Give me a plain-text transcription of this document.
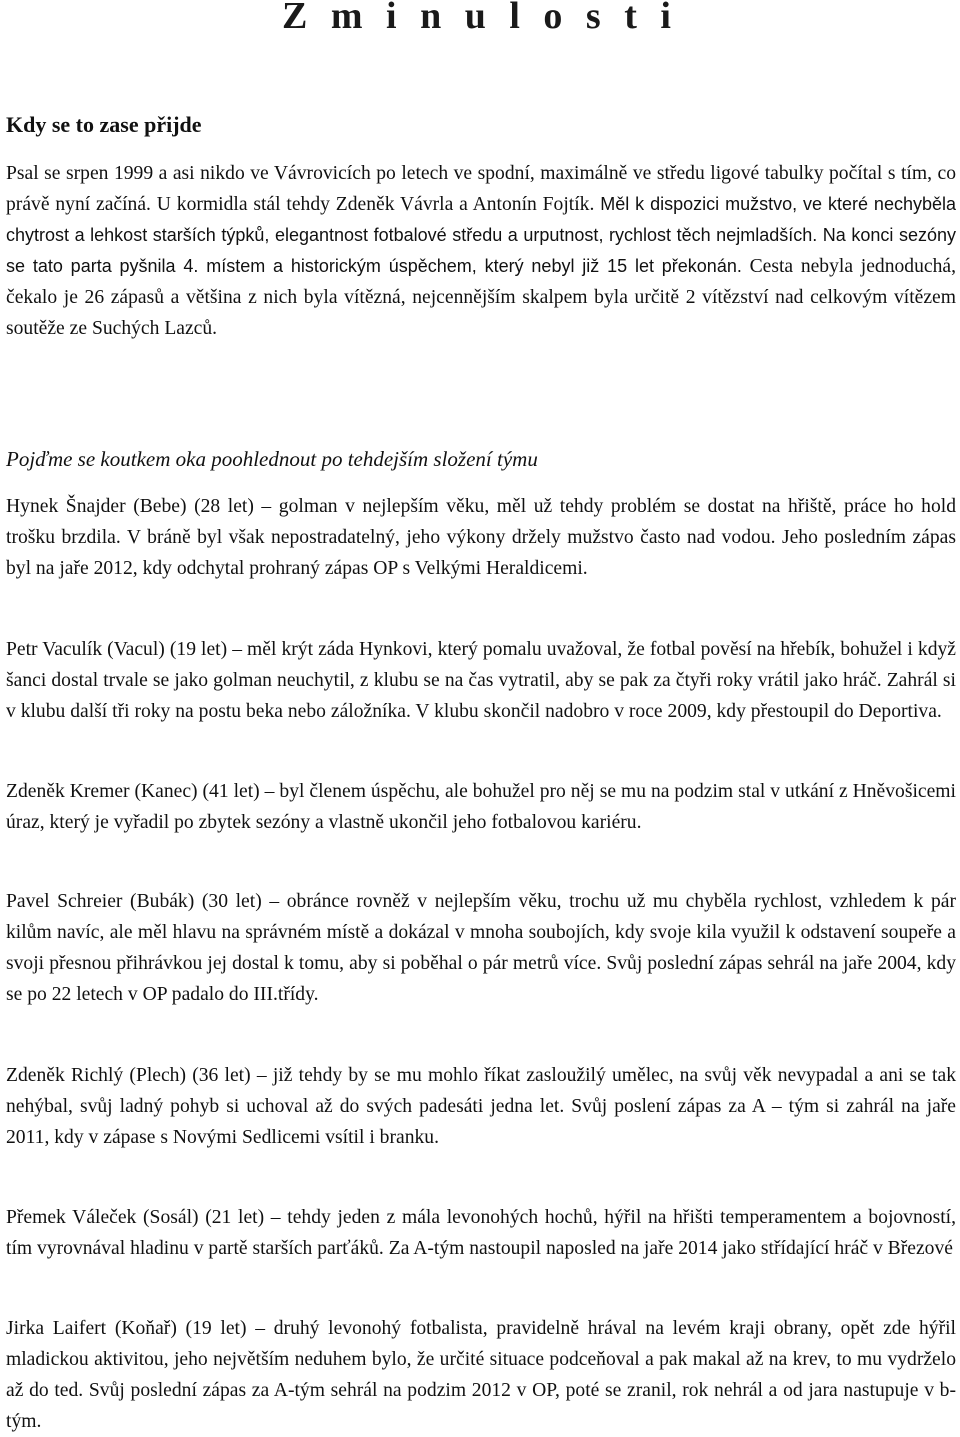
Z m i n u l o s t i
Kdy se to zase přijde

Psal se srpen 1999 a asi nikdo ve Vávrovicích po letech ve spodní, maximálně ve středu ligové tabulky počítal s tím, co právě nyní začíná. U kormidla stál tehdy Zdeněk Vávrla a Antonín Fojtík. Měl k dispozici mužstvo, ve které nechyběla chytrost a lehkost starších týpků, elegantnost fotbalové středu a urputnost, rychlost těch nejmladších. Na konci sezóny se tato parta pyšnila 4. místem a historickým úspěchem, který nebyl již 15 let překonán. Cesta nebyla jednoduchá, čekalo je 26 zápasů a většina z nich byla vítězná, nejcennějším skalpem byla určitě 2 vítězství nad celkovým vítězem soutěže ze Suchých Lazců.

Pojďme se koutkem oka poohlednout po tehdejším složení týmu

Hynek Šnajder (Bebe) (28 let) – golman v nejlepším věku, měl už tehdy problém se dostat na hřiště, práce ho hold trošku brzdila. V bráně byl však nepostradatelný, jeho výkony držely mužstvo často nad vodou. Jeho posledním zápas byl na jaře 2012, kdy odchytal prohraný zápas OP s Velkými Heraldicemi.

Petr Vaculík (Vacul) (19 let) – měl krýt záda Hynkovi, který pomalu uvažoval, že fotbal pověsí na hřebík, bohužel i když šanci dostal trvale se jako golman neuchytil, z klubu se na čas vytratil, aby se pak za čtyři roky vrátil jako hráč. Zahrál si v klubu další tři roky na postu beka nebo záložníka. V klubu skončil nadobro v roce 2009, kdy přestoupil do Deportiva.

Zdeněk Kremer (Kanec) (41 let) – byl členem úspěchu, ale bohužel pro něj se mu na podzim stal v utkání z Hněvošicemi úraz, který je vyřadil po zbytek sezóny a vlastně ukončil jeho fotbalovou kariéru.

Pavel Schreier (Bubák) (30 let) – obránce rovněž v nejlepším věku, trochu už mu chyběla rychlost, vzhledem k pár kilům navíc, ale měl hlavu na správném místě a dokázal v mnoha soubojích, kdy svoje kila využil k odstavení soupeře a svoji přesnou přihrávkou jej dostal k tomu, aby si poběhal o pár metrů více. Svůj poslední zápas sehrál na jaře 2004, kdy se po 22 letech v OP padalo do III.třídy.

Zdeněk Richlý (Plech) (36 let) – již tehdy by se mu mohlo říkat zasloužilý umělec, na svůj věk nevypadal a ani se tak nehýbal, svůj ladný pohyb si uchoval až do svých padesáti jedna let. Svůj poslení zápas za A – tým si zahrál na jaře 2011, kdy v zápase s Novými Sedlicemi vsítil i branku.

Přemek Váleček (Sosál) (21 let) – tehdy jeden z mála levonohých hochů, hýřil na hřišti temperamentem a bojovností, tím vyrovnával hladinu v partě starších parťáků. Za A-tým nastoupil naposled na jaře 2014 jako střídající hráč v Březové

Jirka Laifert (Koňař) (19 let) – druhý levonohý fotbalista, pravidelně hrával na levém kraji obrany, opět zde hýřil mladickou aktivitou, jeho největším neduhem bylo, že určité situace podceňoval a pak makal až na krev, to mu vydrželo až do ted. Svůj poslední zápas za A-tým sehrál na podzim 2012 v OP, poté se zranil, rok nehrál a od jara nastupuje v b-tým.
